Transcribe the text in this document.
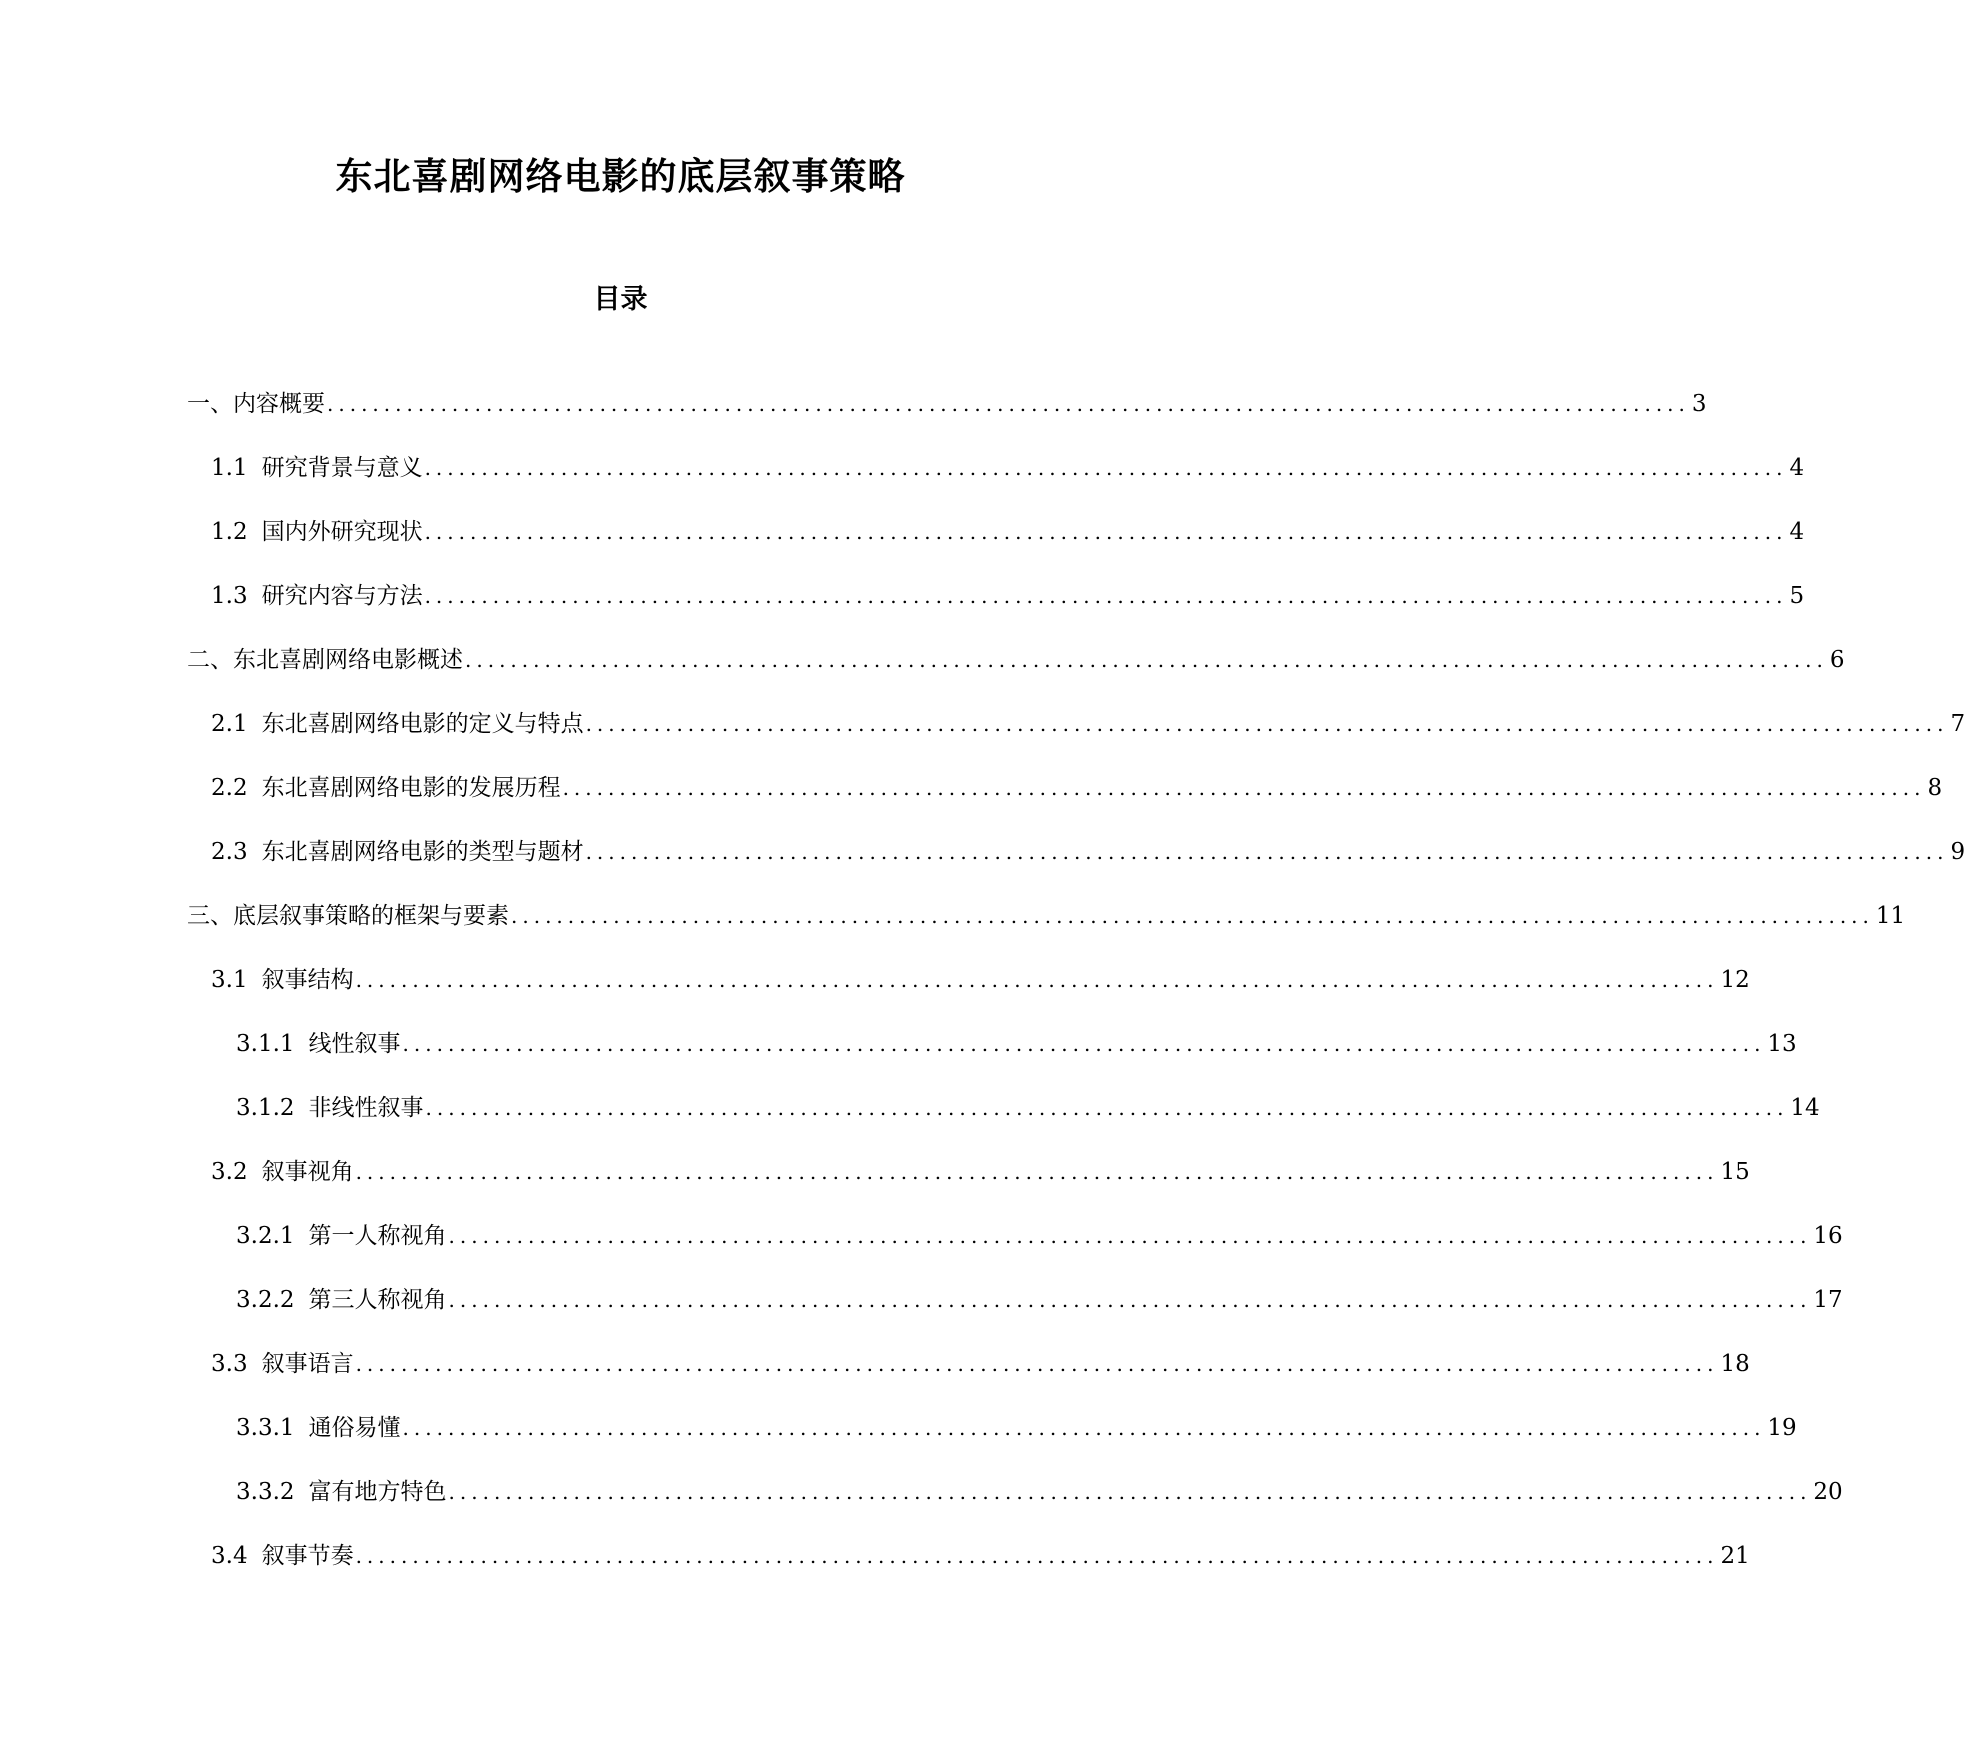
东北喜剧网络电影的底层叙事策略
目录
一、内容概要 ........................................................................................................................ 3
1.1 研究背景与意义 ........................................................................................................................ 4
1.2 国内外研究现状 ........................................................................................................................ 4
1.3 研究内容与方法 ........................................................................................................................ 5
二、东北喜剧网络电影概述 ........................................................................................................................ 6
2.1 东北喜剧网络电影的定义与特点 ........................................................................................................................ 7
2.2 东北喜剧网络电影的发展历程 ........................................................................................................................ 8
2.3 东北喜剧网络电影的类型与题材 ........................................................................................................................ 9
三、底层叙事策略的框架与要素 ........................................................................................................................ 11
3.1 叙事结构 ........................................................................................................................ 12
3.1.1 线性叙事 ........................................................................................................................ 13
3.1.2 非线性叙事 ........................................................................................................................ 14
3.2 叙事视角 ........................................................................................................................ 15
3.2.1 第一人称视角 ........................................................................................................................ 16
3.2.2 第三人称视角 ........................................................................................................................ 17
3.3 叙事语言 ........................................................................................................................ 18
3.3.1 通俗易懂 ........................................................................................................................ 19
3.3.2 富有地方特色 ........................................................................................................................ 20
3.4 叙事节奏 ........................................................................................................................ 21
